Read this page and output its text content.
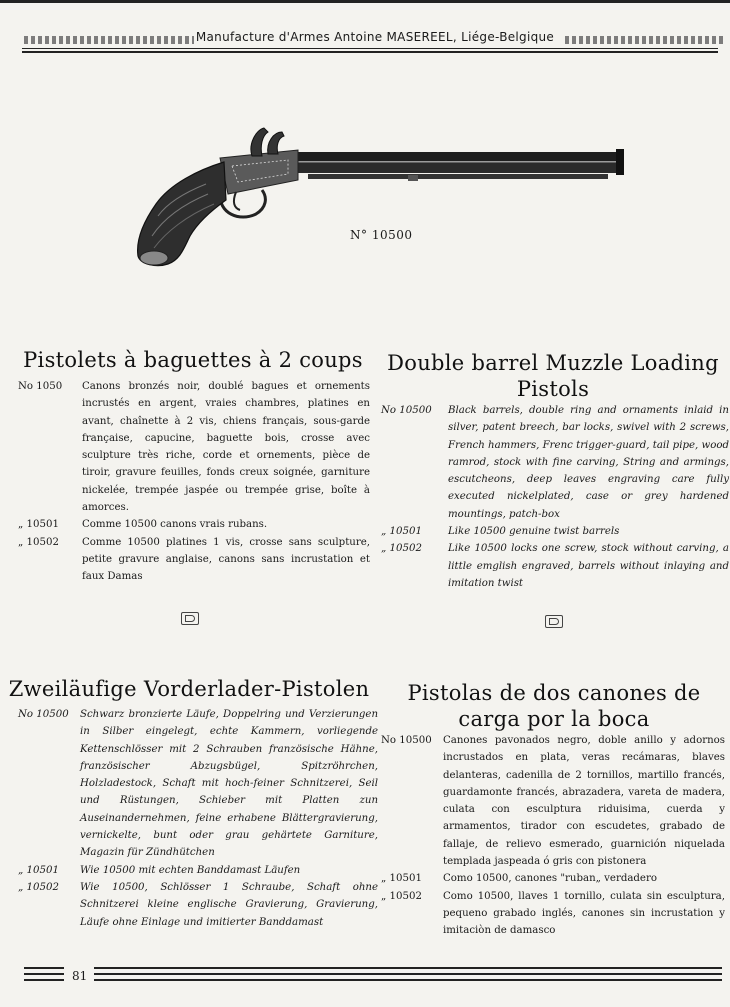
Manufacture d'Armes Antoine MASEREEL, Liége-Belgique
N° 10500
Pistolets à baguettes à 2 coups
No 1050 Canons bronzés noir, doublé bagues et ornements incrustés en argent, vraies chambres, platines en avant, chaînette à 2 vis, chiens français, sous-garde française, capucine, baguette bois, crosse avec sculpture très riche, corde et ornements, pièce de tiroir, gravure feuilles, fonds creux soignée, garniture nickelée, trempée jaspée ou trempée grise, boîte à amorces.
„ 10501 Comme 10500 canons vrais rubans.
„ 10502 Comme 10500 platines 1 vis, crosse sans sculpture, petite gravure anglaise, canons sans incrustation et faux Damas
Double barrel Muzzle Loading Pistols
No 10500 Black barrels, double ring and ornaments inlaid in silver, patent breech, bar locks, swivel with 2 screws, French hammers, Frenc trigger-guard, tail pipe, wood ramrod, stock with fine carving, String and armings, escutcheons, deep leaves engraving care fully executed nickelplated, case or grey hardened mountings, patch-box
„ 10501	Like 10500 genuine twist barrels
„ 10502	Like 10500 locks one screw, stock without carving, a little emglish engraved, barrels without inlaying and imitation twist
Zweiläufige Vorderlader-Pistolen
No 10500 Schwarz bronzierte Läufe, Doppelring und Verzierungen in Silber eingelegt, echte Kammern, vorliegende Kettenschlösser mit 2 Schrauben französische Hähne, französischer Abzugsbügel, Spitzröhrchen, Holzladestock, Schaft mit hoch-feiner Schnitzerei, Seil und Rüstungen, Schieber mit Platten zun Auseinandernehmen, feine erhabene Blättergravierung, vernickelte, bunt oder grau gehärtete Garniture, Magazin für Zündhütchen
„ 10501 Wie 10500 mit echten Banddamast Läufen
„ 10502 Wie 10500, Schlösser 1 Schraube, Schaft ohne Schnitzerei kleine englische Gravierung, Gravierung, Läufe ohne Einlage und imitierter Banddamast
Pistolas de dos canones de carga por la boca
No 10500 Canones pavonados negro, doble anillo y adornos incrustados en plata, veras recámaras, blaves delanteras, cadenilla de 2 tornillos, martillo francés, guardamonte francés, abrazadera, vareta de madera, culata con esculptura riduisima, cuerda y armamentos, tirador con escudetes, grabado de fallaje, de relievo esmerado, guarnición niquelada templada jaspeada ó gris con pistonera
„ 10501 Como 10500, canones "ruban„ verdadero
„ 10502 Como 10500, llaves 1 tornillo, culata sin esculptura, pequeno grabado inglés, canones sin incrustation y imitaciòn de damasco
81
